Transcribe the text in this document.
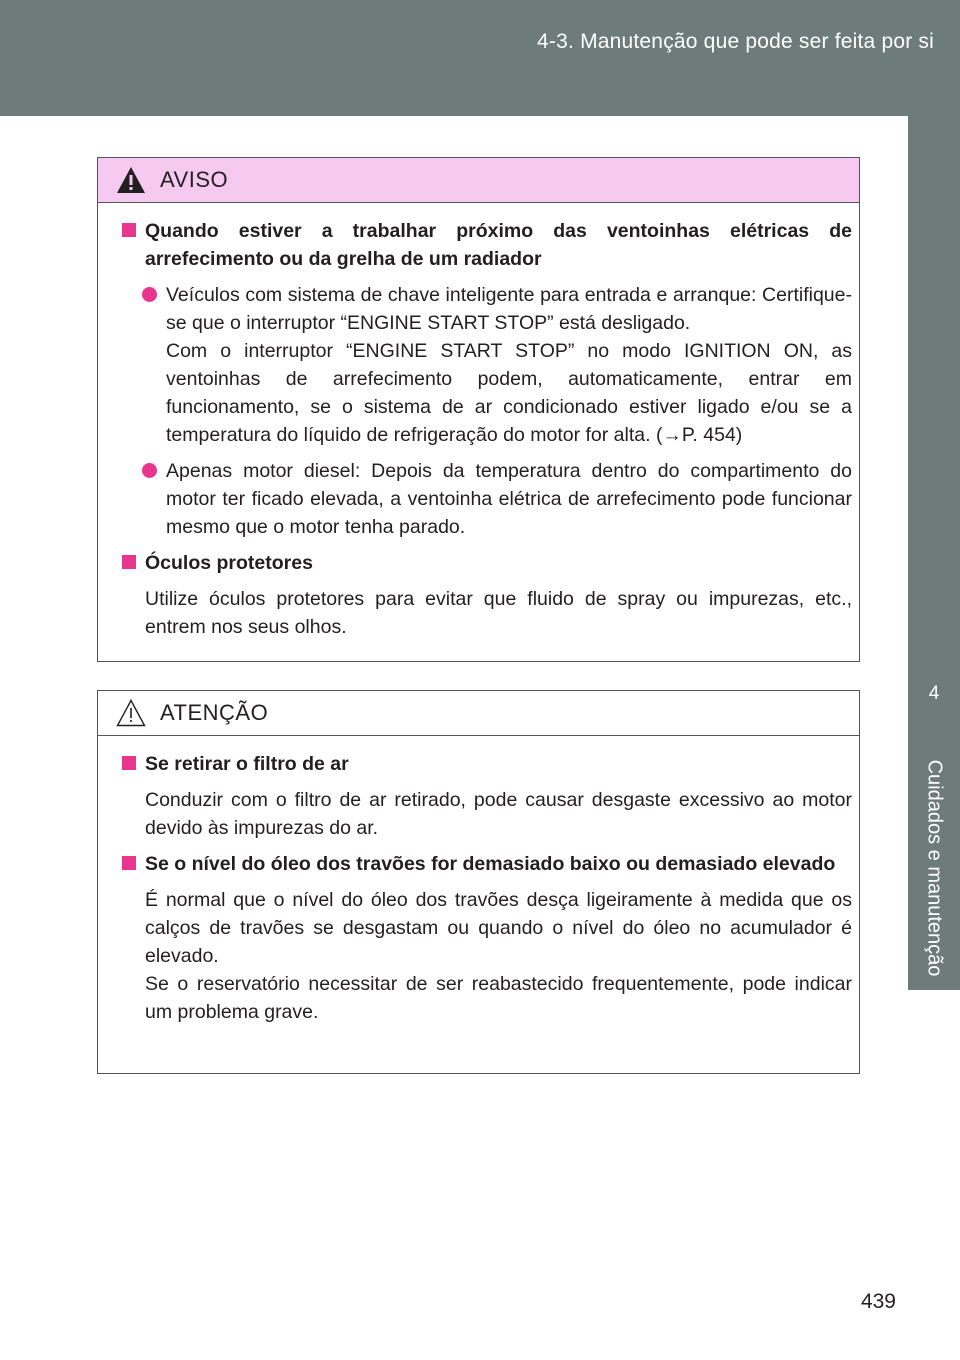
4-3. Manutenção que pode ser feita por si
4
Cuidados e manutenção
AVISO
Quando estiver a trabalhar próximo das ventoinhas elétricas de arrefecimento ou da grelha de um radiador
Veículos com sistema de chave inteligente para entrada e arranque: Certifique-se que o interruptor “ENGINE START STOP” está desligado.
Com o interruptor “ENGINE START STOP” no modo IGNITION ON, as ventoinhas de arrefecimento podem, automaticamente, entrar em funcionamento, se o sistema de ar condicionado estiver ligado e/ou se a temperatura do líquido de refrigeração do motor for alta. (→P. 454)
Apenas motor diesel: Depois da temperatura dentro do compartimento do motor ter ficado elevada, a ventoinha elétrica de arrefecimento pode funcionar mesmo que o motor tenha parado.
Óculos protetores
Utilize óculos protetores para evitar que fluido de spray ou impurezas, etc., entrem nos seus olhos.
ATENÇÃO
Se retirar o filtro de ar
Conduzir com o filtro de ar retirado, pode causar desgaste excessivo ao motor devido às impurezas do ar.
Se o nível do óleo dos travões for demasiado baixo ou demasiado elevado
É normal que o nível do óleo dos travões desça ligeiramente à medida que os calços de travões se desgastam ou quando o nível do óleo no acumulador é elevado.
Se o reservatório necessitar de ser reabastecido frequentemente, pode indicar um problema grave.
439
